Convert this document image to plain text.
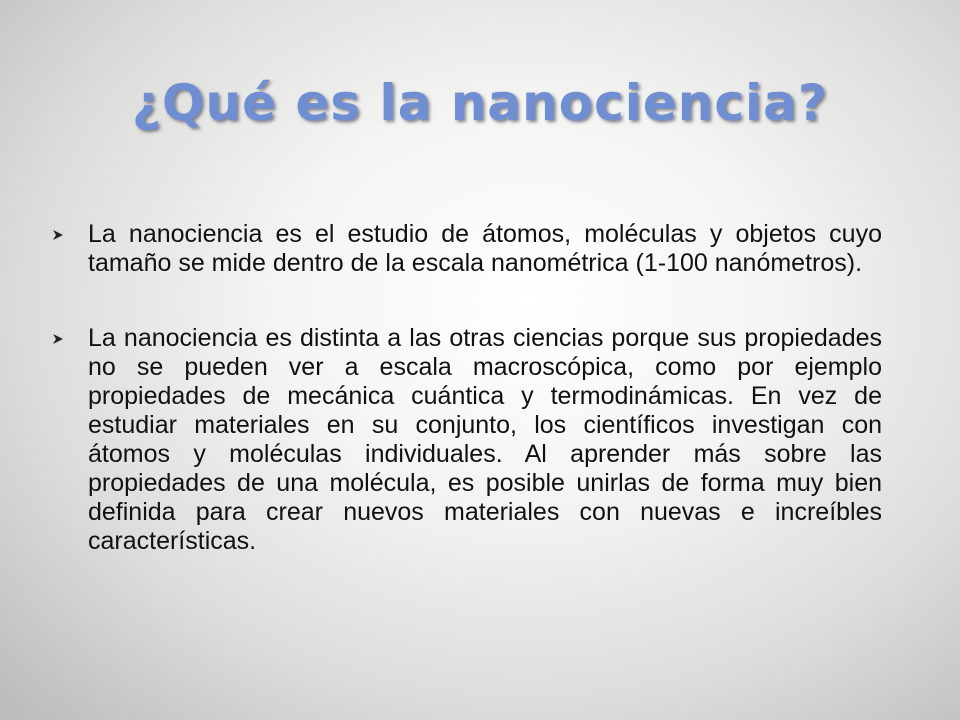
¿Qué es la nanociencia?
La nanociencia es el estudio de átomos, moléculas y objetos cuyo tamaño se mide dentro de la escala nanométrica (1-100 nanómetros).
La nanociencia es distinta a las otras ciencias porque sus propiedades no se pueden ver a escala macroscópica, como por ejemplo propiedades de mecánica cuántica y termodinámicas. En vez de estudiar materiales en su conjunto, los científicos investigan con átomos y moléculas individuales. Al aprender más sobre las propiedades de una molécula, es posible unirlas de forma muy bien definida para crear nuevos materiales con nuevas e increíbles características.
